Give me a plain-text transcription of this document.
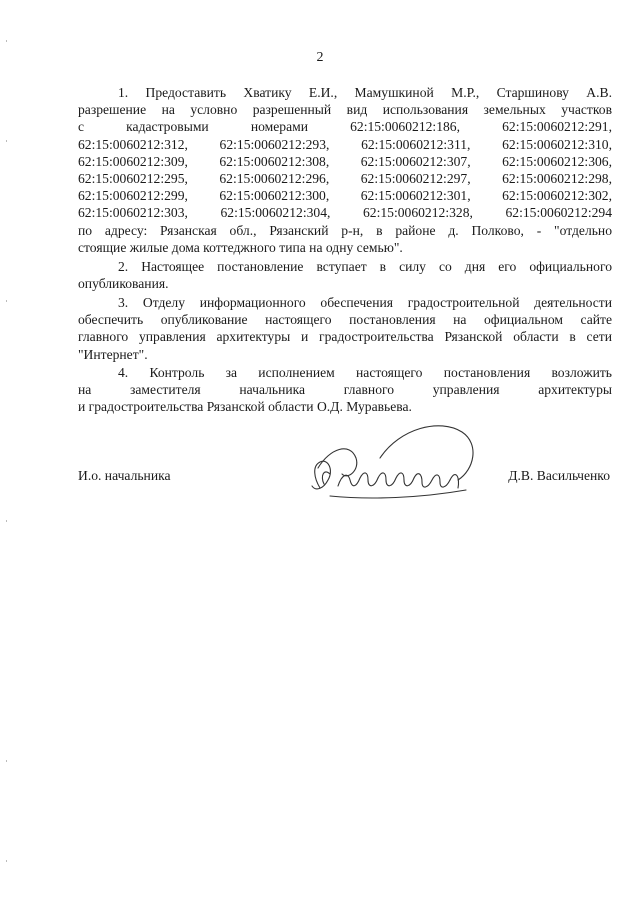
2
1. Предоставить Хватику Е.И., Мамушкиной М.Р., Старшинову А.В.
разрешение на условно разрешенный вид использования земельных участков
с кадастровыми номерами 62:15:0060212:186, 62:15:0060212:291,
62:15:0060212:312, 62:15:0060212:293, 62:15:0060212:311, 62:15:0060212:310,
62:15:0060212:309, 62:15:0060212:308, 62:15:0060212:307, 62:15:0060212:306,
62:15:0060212:295, 62:15:0060212:296, 62:15:0060212:297, 62:15:0060212:298,
62:15:0060212:299, 62:15:0060212:300, 62:15:0060212:301, 62:15:0060212:302,
62:15:0060212:303, 62:15:0060212:304, 62:15:0060212:328, 62:15:0060212:294
по адресу: Рязанская обл., Рязанский р-н, в районе д. Полково, - "отдельно
стоящие жилые дома коттеджного типа на одну семью".
2. Настоящее постановление вступает в силу со дня его официального
опубликования.
3. Отделу информационного обеспечения градостроительной деятельности
обеспечить опубликование настоящего постановления на официальном сайте
главного управления архитектуры и градостроительства Рязанской области в сети
"Интернет".
4. Контроль за исполнением настоящего постановления возложить
на заместителя начальника главного управления архитектуры
и градостроительства Рязанской области О.Д. Муравьева.
И.о. начальника	Д.В. Васильченко
